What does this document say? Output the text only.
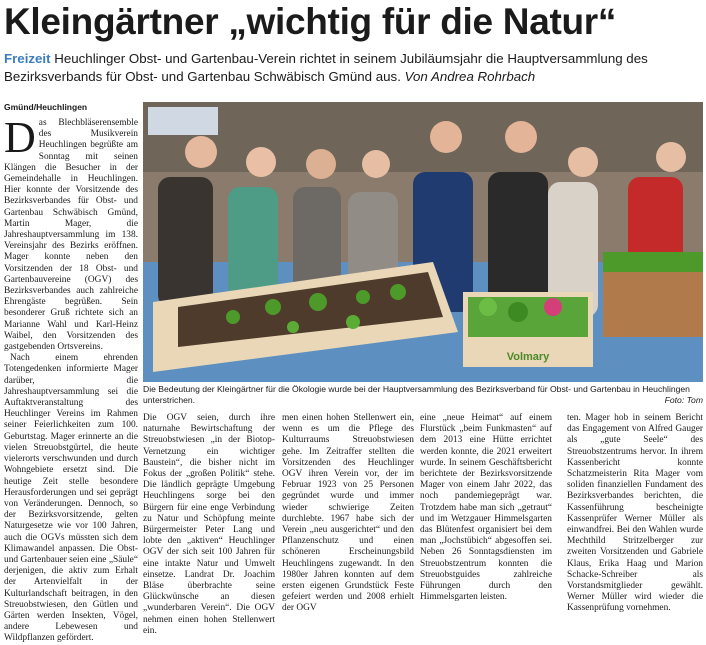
Kleingärtner „wichtig für die Natur“
Freizeit Heuchlinger Obst- und Gartenbau-Verein richtet in seinem Jubiläumsjahr die Hauptversammlung des Bezirksverbands für Obst- und Gartenbau Schwäbisch Gmünd aus. Von Andrea Rohrbach
Gmünd/Heuchlingen

Das Blechbläserensemble des Musikverein Heuchlingen begrüßte am Sonntag mit seinen Klängen die Besucher in der Gemeindehalle in Heuchlingen. Hier konnte der Vorsitzende des Bezirksverbandes für Obst- und Gartenbau Schwäbisch Gmünd, Martin Mager, die Jahreshauptversammlung im 138. Vereinsjahr des Bezirks eröffnen. Mager konnte neben den Vorsitzenden der 18 Obst- und Gartenbauvereine (OGV) des Bezirksverbandes auch zahlreiche Ehrengäste begrüßen. Sein besonderer Gruß richtete sich an Marianne Wahl und Karl-Heinz Waibel, den Vorsitzenden des gastgebenden Ortsvereins.

Nach einem ehrenden Totengedenken informierte Mager darüber, die Jahreshauptversammlung sei die Auftaktveranstaltung des Heuchlinger Vereins im Rahmen seiner Feierlichkeiten zum 100. Geburtstag. Mager erinnerte an die vielen Streuobstgürtel, die heute vielerorts verschwunden und durch Wohngebiete ersetzt sind. Die heutige Zeit stelle besondere Herausforderungen und sei geprägt von Veränderungen. Dennoch, so der Bezirksvorsitzende, gelten Naturgesetze wie vor 100 Jahren, auch die OGVs müssten sich dem Klimawandel anpassen. Die Obst- und Gartenbauer seien eine „Säule“ derjenigen, die aktiv zum Erhalt der Artenvielfalt in der Kulturlandschaft beitragen, in den Streuobstwiesen, den Gütlen und Gärten werden Insekten, Vögel, andere Lebewesen und Wildpflanzen gefördert.

Volmary
Die Bedeutung der Kleingärtner für die Ökologie wurde bei der Hauptversammlung des Bezirksverband für Obst- und Gartenbau in Heuchlingen unterstrichen.	Foto: Tom

Die OGV seien, durch ihre naturnahe Bewirtschaftung der Streuobstwiesen „in der Biotop-Vernetzung ein wichtiger Baustein“, die bisher nicht im Fokus der „großen Politik“ stehe. Die ländlich geprägte Umgebung Heuchlingens sorge bei den Bürgern für eine enge Verbindung zu Natur und Schöpfung meinte Bürgermeister Peter Lang und lobte den „aktiven“ Heuchlinger OGV der sich seit 100 Jahren für eine intakte Natur und Umwelt einsetze. Landrat Dr. Joachim Bläse überbrachte seine Glückwünsche an diesen „wunderbaren Verein“. Die OGV nehmen einen hohen Stellenwert ein.

men einen hohen Stellenwert ein, wenn es um die Pflege des Kulturraums Streuobstwiesen gehe. Im Zeitraffer stellten die Vorsitzenden des Heuchlinger OGV ihren Verein vor, der im Februar 1923 von 25 Personen gegründet wurde und immer wieder schwierige Zeiten durchlebte. 1967 habe sich der Verein „neu ausgerichtet“ und den Pflanzenschutz und einen schöneren Erscheinungsbild Heuchlingens zugewandt. In den 1980er Jahren konnten auf dem ersten eigenen Grundstück Feste gefeiert werden und 2008 erhielt der OGV

eine „neue Heimat“ auf einem Flurstück „beim Funkmasten“ auf dem 2013 eine Hütte errichtet werden konnte, die 2021 erweitert wurde. In seinem Geschäftsbericht berichtete der Bezirksvorsitzende Mager von einem Jahr 2022, das noch pandemiegeprägt war. Trotzdem habe man sich „getraut“ und im Wetzgauer Himmelsgarten das Blütenfest organisiert bei dem man „Jochstübich“ abgesoffen sei. Neben 26 Sonntagsdiensten im Streuobstzentrum konnten die Streuobstguides zahlreiche Führungen durch den Himmelsgarten leisten.

ten. Mager hob in seinem Bericht das Engagement von Alfred Gauger als „gute Seele“ des Streuobstzentrums hervor. In ihrem Kassenbericht konnte Schatzmeisterin Rita Mager vom soliden finanziellen Fundament des Bezirksverbandes berichten, die Kassenführung bescheinigte Kassenprüfer Werner Müller als einwandfrei. Bei den Wahlen wurde Mechthild Stritzelberger zur zweiten Vorsitzenden und Gabriele Klaus, Erika Haag und Marion Schacke-Schreiber als Vorstandsmitglieder gewählt. Werner Müller wird wieder die Kassenprüfung vornehmen.
